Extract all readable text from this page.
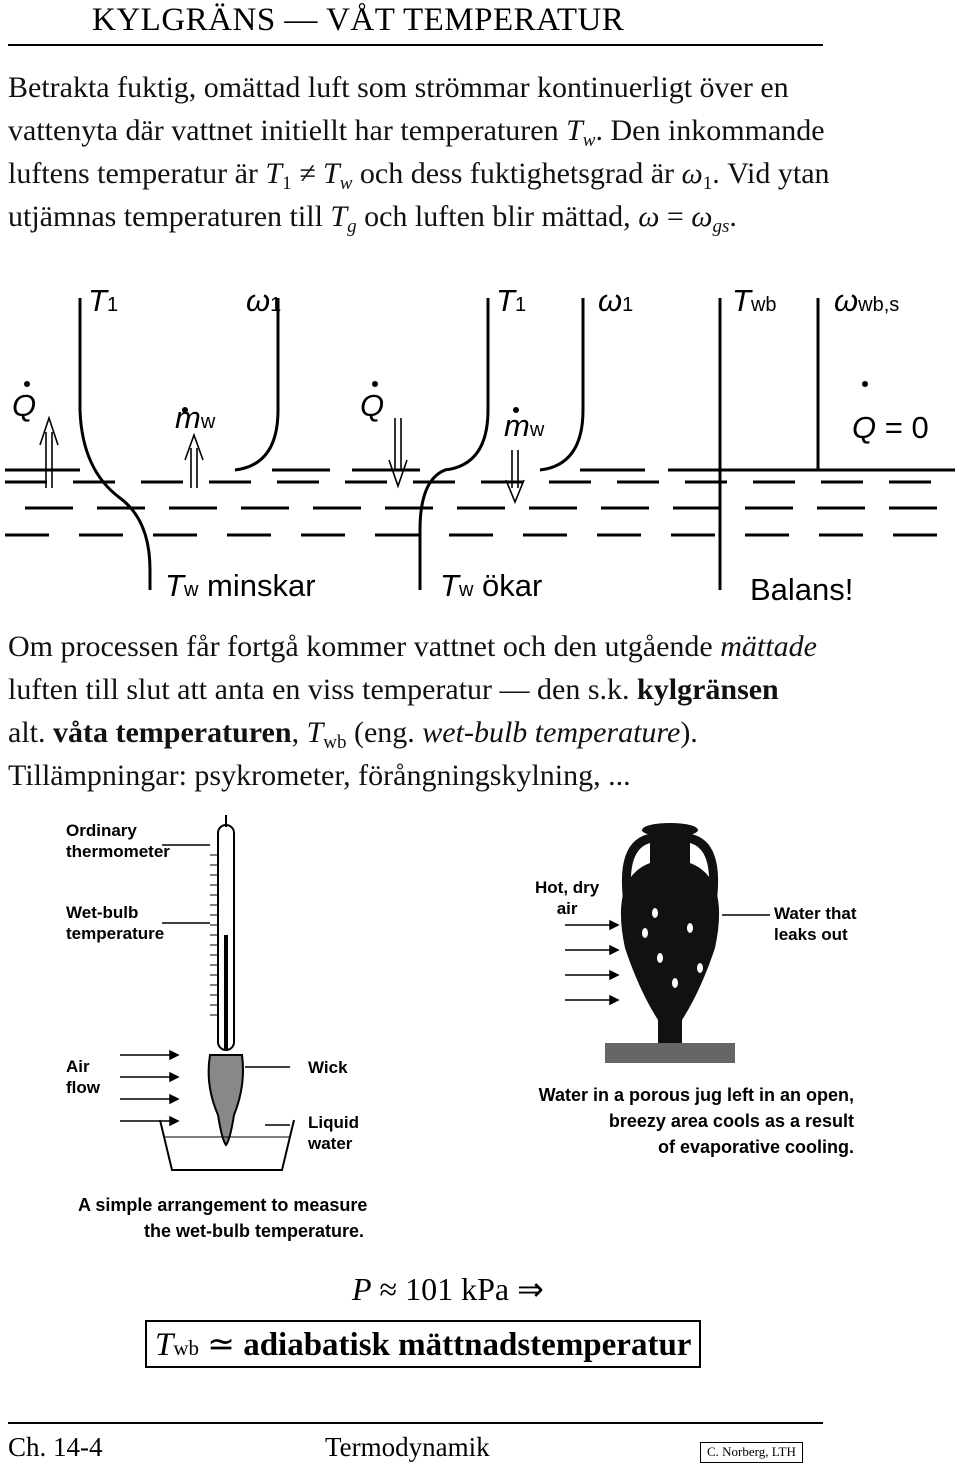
KYLGRÄNS — VÅT TEMPERATUR
Betrakta fuktig, omättad luft som strömmar kontinuerligt över en
vattenyta där vattnet initiellt har temperaturen $T_w$. Den inkommande
luftens temperatur är $T_1 \ne T_w$ och dess fuktighetsgrad är $\omega_1$. Vid ytan
utjämnas temperaturen till $T_g$ och luften blir mättad, $\omega = \omega_{gs}$.
T1	ω1
Q	mw
Tw minskar
T1 ω1
Q
mw
Tw ökar
Twb ωwb,s
Q = 0
Balans!
Om processen får fortgå kommer vattnet och den utgående mättade
luften till slut att anta en viss temperatur — den s.k. kylgränsen
alt. våta temperaturen, $T_{wb}$ (eng. wet-bulb temperature).
Tillämpningar: psykrometer, förångningskylning, ...
Ordinary
thermometer
Wet-bulb
temperature
Air
flow
Wick
Liquid
water
A simple arrangement to measure
the wet-bulb temperature.
Hot, dry
air	Water that
leaks out
Water in a porous jug left in an open,
breezy area cools as a result
of evaporative cooling.
P ≈ 101 kPa ⇒
Twb ≃ adiabatisk mättnadstemperatur
Ch. 14-4	Termodynamik	C. Norberg, LTH
